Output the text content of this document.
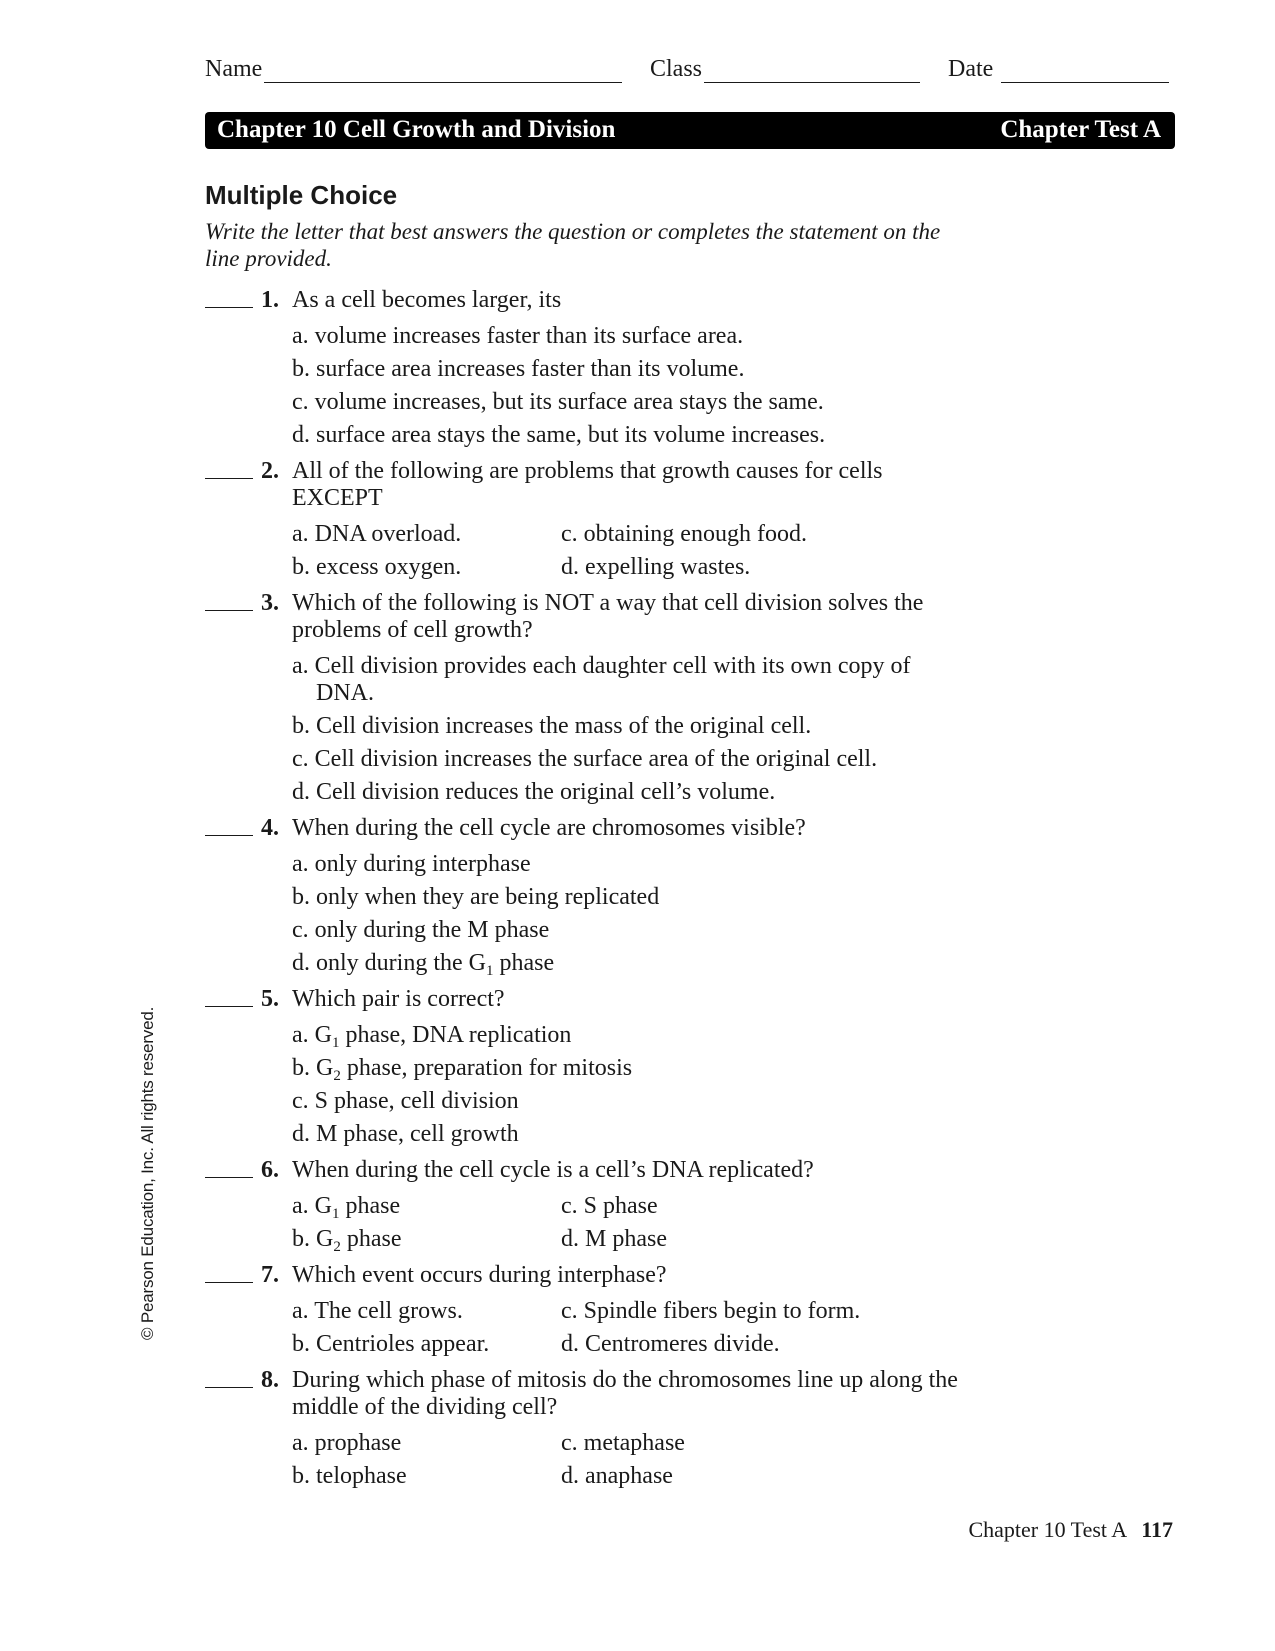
Name	Class	Date
Chapter 10 Cell Growth and Division	Chapter Test A
Multiple Choice
Write the letter that best answers the question or completes the statement on the line provided.
1. As a cell becomes larger, its
a. volume increases faster than its surface area.
b. surface area increases faster than its volume.
c. volume increases, but its surface area stays the same.
d. surface area stays the same, but its volume increases.
2. All of the following are problems that growth causes for cells EXCEPT
a. DNA overload.	c. obtaining enough food.
b. excess oxygen.	d. expelling wastes.
3. Which of the following is NOT a way that cell division solves the problems of cell growth?
a. Cell division provides each daughter cell with its own copy of DNA.
b. Cell division increases the mass of the original cell.
c. Cell division increases the surface area of the original cell.
d. Cell division reduces the original cell’s volume.
4. When during the cell cycle are chromosomes visible?
a. only during interphase
b. only when they are being replicated
c. only during the M phase
d. only during the $G_1$ phase
5. Which pair is correct?
a. $G_1$ phase, DNA replication
b. $G_2$ phase, preparation for mitosis
c. S phase, cell division
d. M phase, cell growth
6. When during the cell cycle is a cell’s DNA replicated?
a. $G_1$ phase	c. S phase
b. $G_2$ phase	d. M phase
7. Which event occurs during interphase?
a. The cell grows.	c. Spindle fibers begin to form.
b. Centrioles appear.	d. Centromeres divide.
8. During which phase of mitosis do the chromosomes line up along the middle of the dividing cell?
a. prophase	c. metaphase
b. telophase	d. anaphase
© Pearson Education, Inc. All rights reserved.
Chapter 10 Test A 117
